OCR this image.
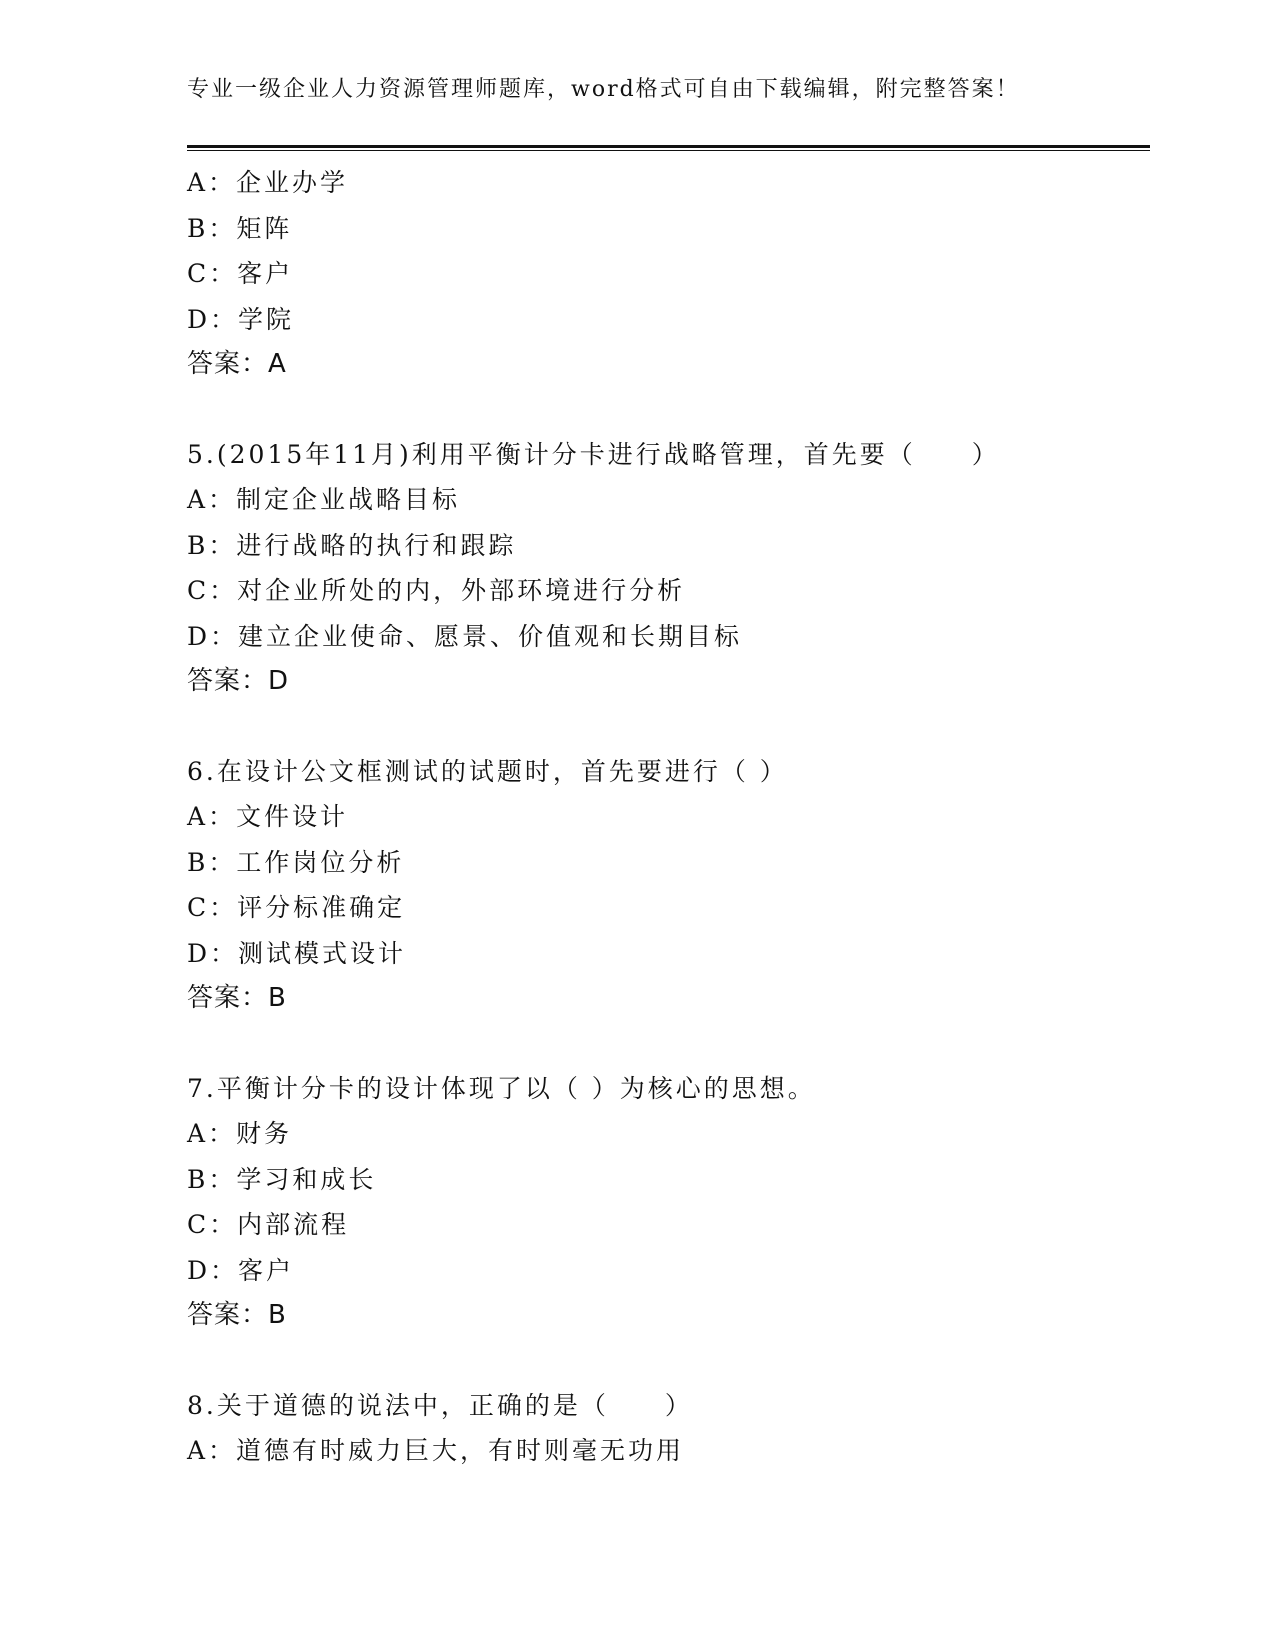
专业一级企业人力资源管理师题库，word格式可自由下载编辑，附完整答案！
A：企业办学
B：矩阵
C：客户
D：学院
答案：A
5.(2015年11月)利用平衡计分卡进行战略管理，首先要（　　）
A：制定企业战略目标
B：进行战略的执行和跟踪
C：对企业所处的内，外部环境进行分析
D：建立企业使命、愿景、价值观和长期目标
答案：D
6.在设计公文框测试的试题时，首先要进行（ ）
A：文件设计
B：工作岗位分析
C：评分标准确定
D：测试模式设计
答案：B
7.平衡计分卡的设计体现了以（ ）为核心的思想。
A：财务
B：学习和成长
C：内部流程
D：客户
答案：B
8.关于道德的说法中，正确的是（　　）
A：道德有时威力巨大，有时则毫无功用
